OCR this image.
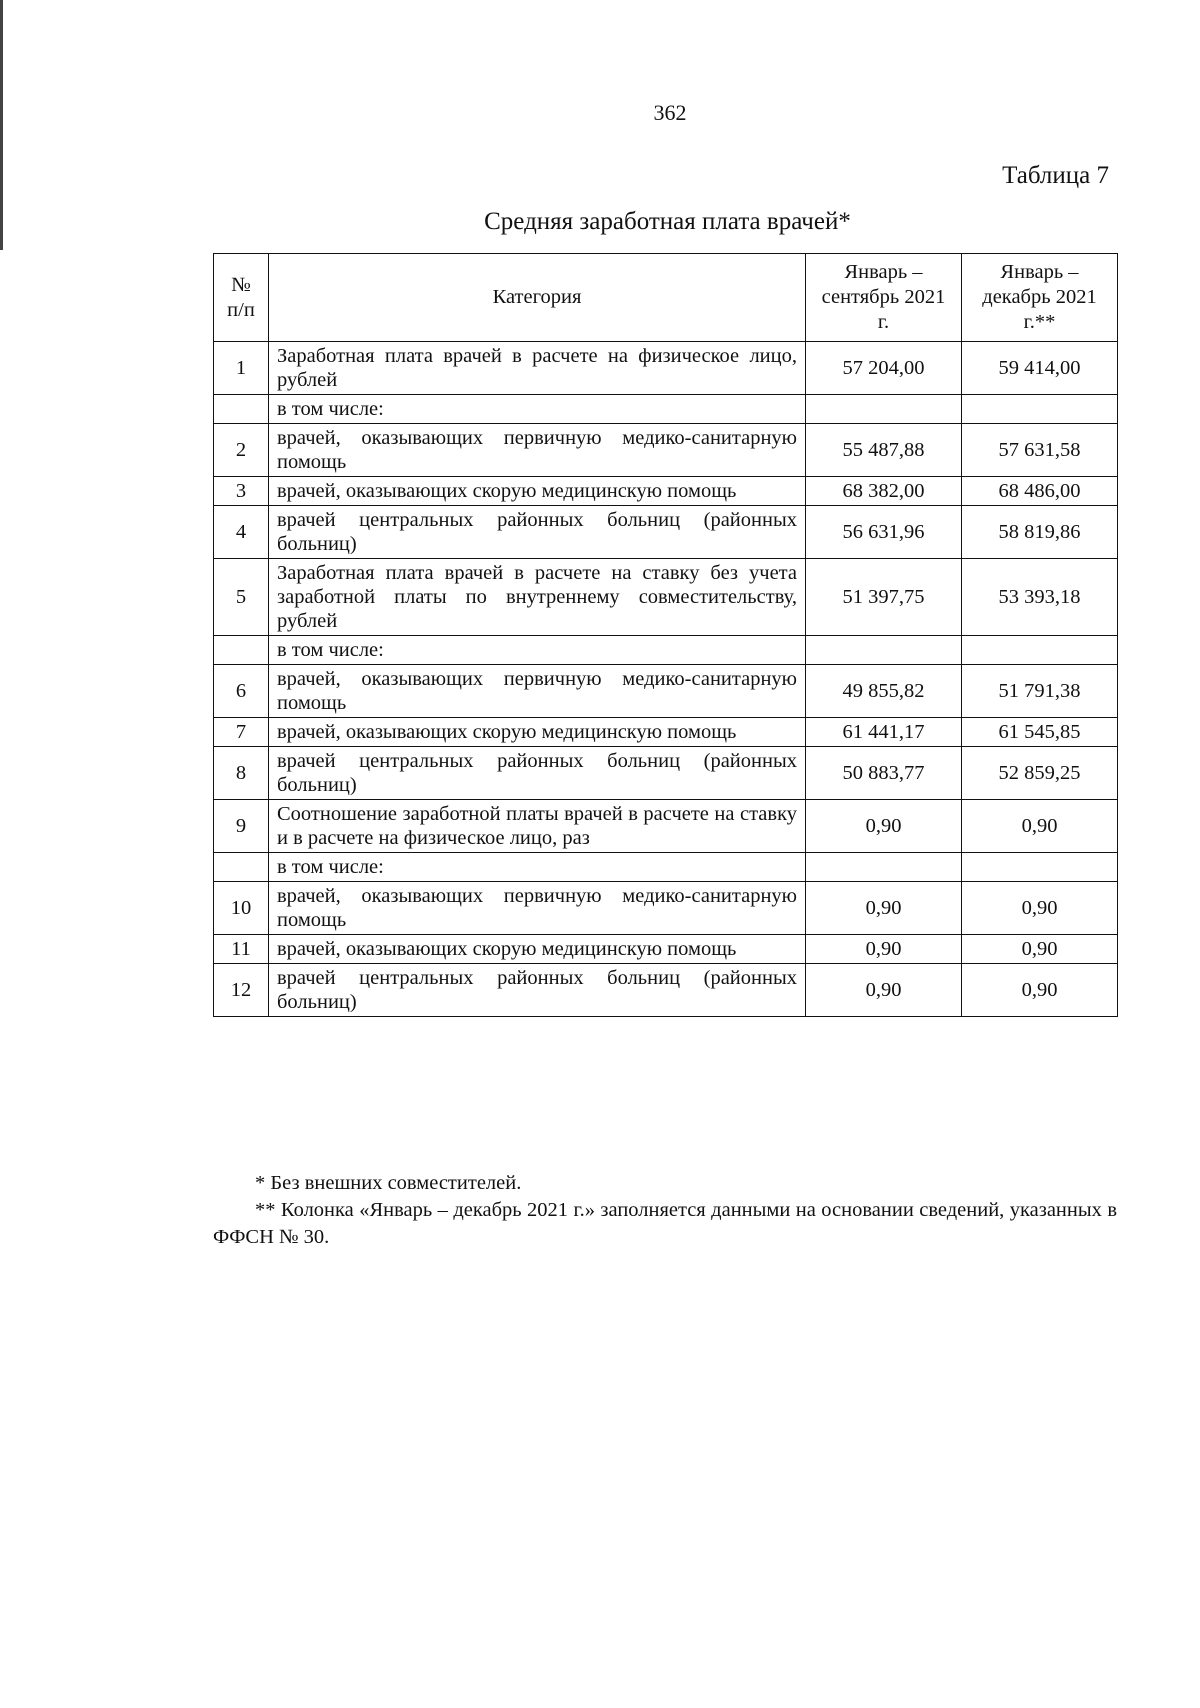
362
Таблица 7
Средняя заработная плата врачей*
№ п/п	Категория	Январь – сентябрь 2021 г.	Январь – декабрь 2021 г.**
1	Заработная плата врачей в расчете на физическое лицо, рублей	57 204,00	59 414,00
	в том числе:		
2	врачей, оказывающих первичную медико-санитарную помощь	55 487,88	57 631,58
3	врачей, оказывающих скорую медицинскую помощь	68 382,00	68 486,00
4	врачей центральных районных больниц (районных больниц)	56 631,96	58 819,86
5	Заработная плата врачей в расчете на ставку без учета заработной платы по внутреннему совместительству, рублей	51 397,75	53 393,18
	в том числе:		
6	врачей, оказывающих первичную медико-санитарную помощь	49 855,82	51 791,38
7	врачей, оказывающих скорую медицинскую помощь	61 441,17	61 545,85
8	врачей центральных районных больниц (районных больниц)	50 883,77	52 859,25
9	Соотношение заработной платы врачей в расчете на ставку и в расчете на физическое лицо, раз	0,90	0,90
	в том числе:		
10	врачей, оказывающих первичную медико-санитарную помощь	0,90	0,90
11	врачей, оказывающих скорую медицинскую помощь	0,90	0,90
12	врачей центральных районных больниц (районных больниц)	0,90	0,90
* Без внешних совместителей.
** Колонка «Январь – декабрь 2021 г.» заполняется данными на основании сведений, указанных в ФФСН № 30.
